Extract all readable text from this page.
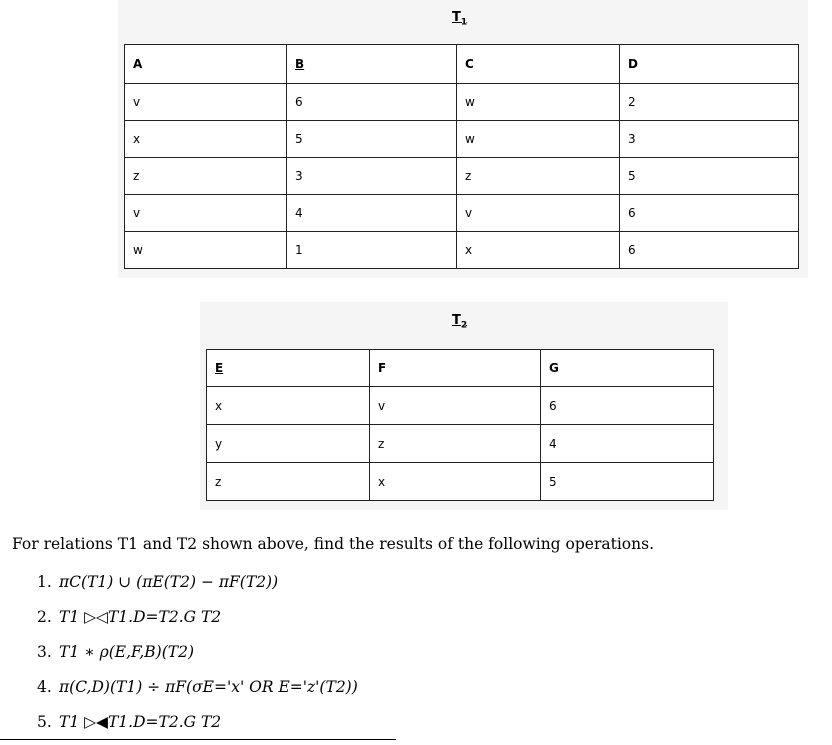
$T_1$
A	B	C	D
v	6	w	2
x	5	w	3
z	3	z	5
v	4	v	6
w	1	x	6
$T_2$
E	F	G
x	v	6
y	z	4
z	x	5
For relations T1 and T2 shown above, find the results of the following operations.
1. πC(T1) ∪ (πE(T2) − πF(T2))
2. T1 ▷◁T1.D=T2.G T2
3. T1 ∗ ρ(E,F,B)(T2)
4. π(C,D)(T1) ÷ πF(σE='x' OR E='z'(T2))
5. T1 ▷◀T1.D=T2.G T2
